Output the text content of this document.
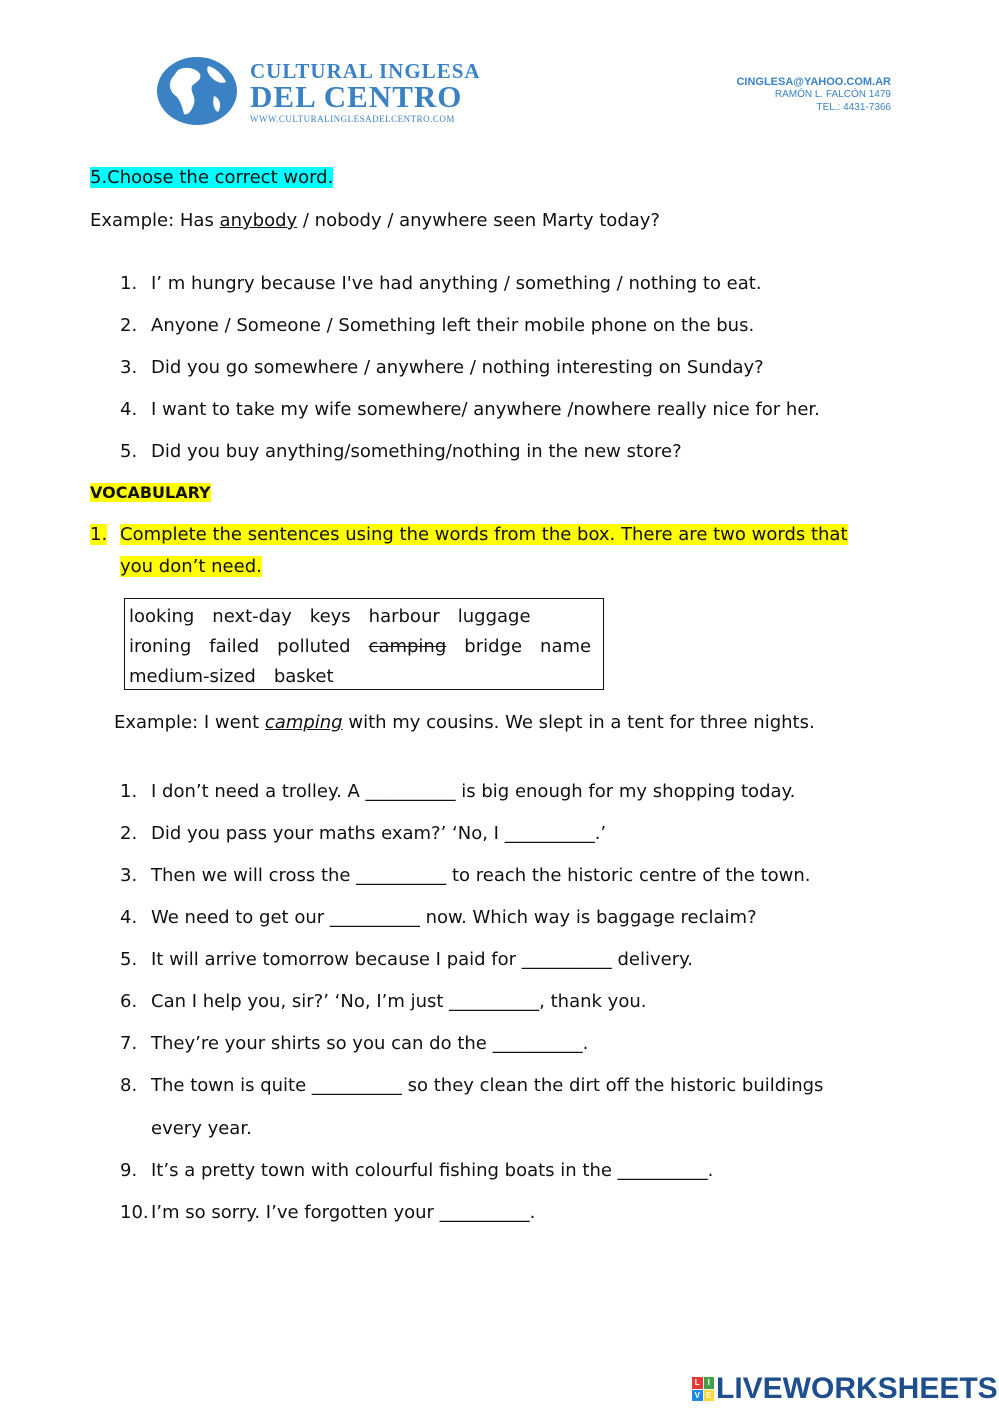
CULTURAL INGLESA
DEL CENTRO
WWW.CULTURALINGLESADELCENTRO.COM
CINGLESA@YAHOO.COM.AR
RAMÓN L. FALCÓN 1479
TEL.: 4431-7366
5.Choose the correct word.
Example: Has anybody / nobody / anywhere seen Marty today?
1. I’ m hungry because I've had anything / something / nothing to eat.
2. Anyone / Someone / Something left their mobile phone on the bus.
3. Did you go somewhere / anywhere / nothing interesting on Sunday?
4. I want to take my wife somewhere/ anywhere /nowhere really nice for her.
5. Did you buy anything/something/nothing in the new store?
VOCABULARY
1. Complete the sentences using the words from the box. There are two words that
you don’t need.
looking next-day keys harbour luggage
ironing failed polluted camping bridge name
medium-sized basket
Example: I went camping with my cousins. We slept in a tent for three nights.
1. I don’t need a trolley. A __________ is big enough for my shopping today.
2. Did you pass your maths exam?’ ‘No, I __________.’
3. Then we will cross the __________ to reach the historic centre of the town.
4. We need to get our __________ now. Which way is baggage reclaim?
5. It will arrive tomorrow because I paid for __________ delivery.
6. Can I help you, sir?’ ‘No, I’m just __________, thank you.
7. They’re your shirts so you can do the __________.
8. The town is quite __________ so they clean the dirt off the historic buildings
every year.
9. It’s a pretty town with colourful fishing boats in the __________.
10. I’m so sorry. I’ve forgotten your __________.
L I
V E LIVEWORKSHEETS
